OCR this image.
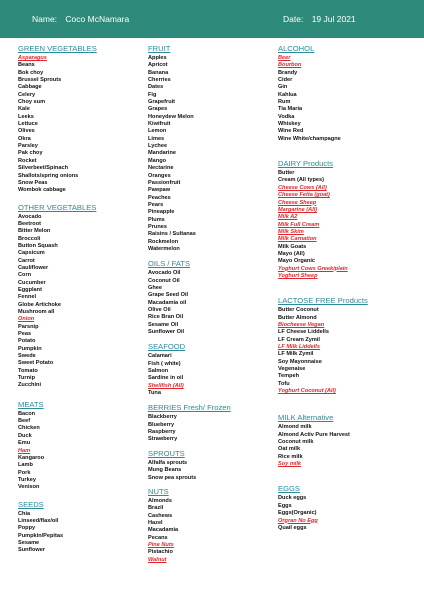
Name: Coco McNamara	Date: 19 Jul 2021
GREEN VEGETABLES
Asparagus
Beans
Bok choy
Brussel Sprouts
Cabbage
Celery
Choy sum
Kale
Leeks
Lettuce
Olives
Okra
Parsley
Pak choy
Rocket
Silverbeet/Spinach
Shallots/spring onions
Snow Peas
Wombok cabbage
OTHER VEGETABLES
Avocado
Beetroot
Bitter Melon
Broccoli
Button Squash
Capsicum
Carrot
Cauliflower
Corn
Cucumber
Eggplant
Fennel
Globe Artichoke
Mushroom all
Onion
Parsnip
Peas
Potato
Pumpkin
Swede
Sweet Potato
Tomato
Turnip
Zucchini
MEATS
Bacon
Beef
Chicken
Duck
Emu
Ham
Kangaroo
Lamb
Pork
Turkey
Venison
SEEDS
Chia
Linseed/flax/oil
Poppy
Pumpkin/Pepitas
Sesame
Sunflower
FRUIT
Apples
Apricot
Banana
Cherries
Dates
Fig
Grapefruit
Grapes
Honeydew Melon
Kiwifruit
Lemon
Limes
Lychee
Mandarine
Mango
Nectarine
Oranges
Passionfruit
Pawpaw
Peaches
Pears
Pineapple
Plums
Prunes
Raisins / Sultanas
Rockmelon
Watermelon
OILS / FATS
Avocado Oil
Coconut Oil
Ghee
Grape Seed Oil
Macadamia oil
Olive Oil
Rice Bran Oil
Sesame Oil
Sunflower Oil
SEAFOOD
Calamari
Fish ( white)
Salmon
Sardine in oil
Shellfish (All)
Tuna
BERRIES Fresh/ Frozen
Blackberry
Blueberry
Raspberry
Strawberry
SPROUTS
Alfalfa sprouts
Mung Beans
Snow pea sprouts
NUTS
Almonds
Brazil
Cashews
Hazel
Macadamia
Pecans
Pine Nuts
Pistachio
Walnut
ALCOHOL
Beer
Bourbon
Brandy
Cider
Gin
Kahlua
Rum
Tia Maria
Vodka
Whiskey
Wine Red
Wine White/champagne
DAIRY Products
Butter
Cream (All types)
Cheese Cows (All)
Cheese Fetta (goat)
Cheese Sheep
Margarine (All)
Milk A2
Milk Full Cream
Milk Skim
Milk Carnation
Milk Goats
Mayo (All)
Mayo Organic
Yoghurt Cows Greek/plain
Yoghurt Sheep
LACTOSE FREE Products
Butter Coconut
Butter Almond
Biocheese Vegan
LF Cheese Liddells
LF Cream Zymil
LF Milk Liddells
LF Milk Zymil
Soy Mayonnaise
Vegenaise
Tempeh
Tofu
Yoghurt Coconut (All)
MILK Alternative
Almond milk
Almond Activ Pure Harvest
Coconut milk
Oat milk
Rice milk
Soy milk
EGGS
Duck eggs
Eggs
Eggs(Organic)
Orgran No Egg
Quail eggs
